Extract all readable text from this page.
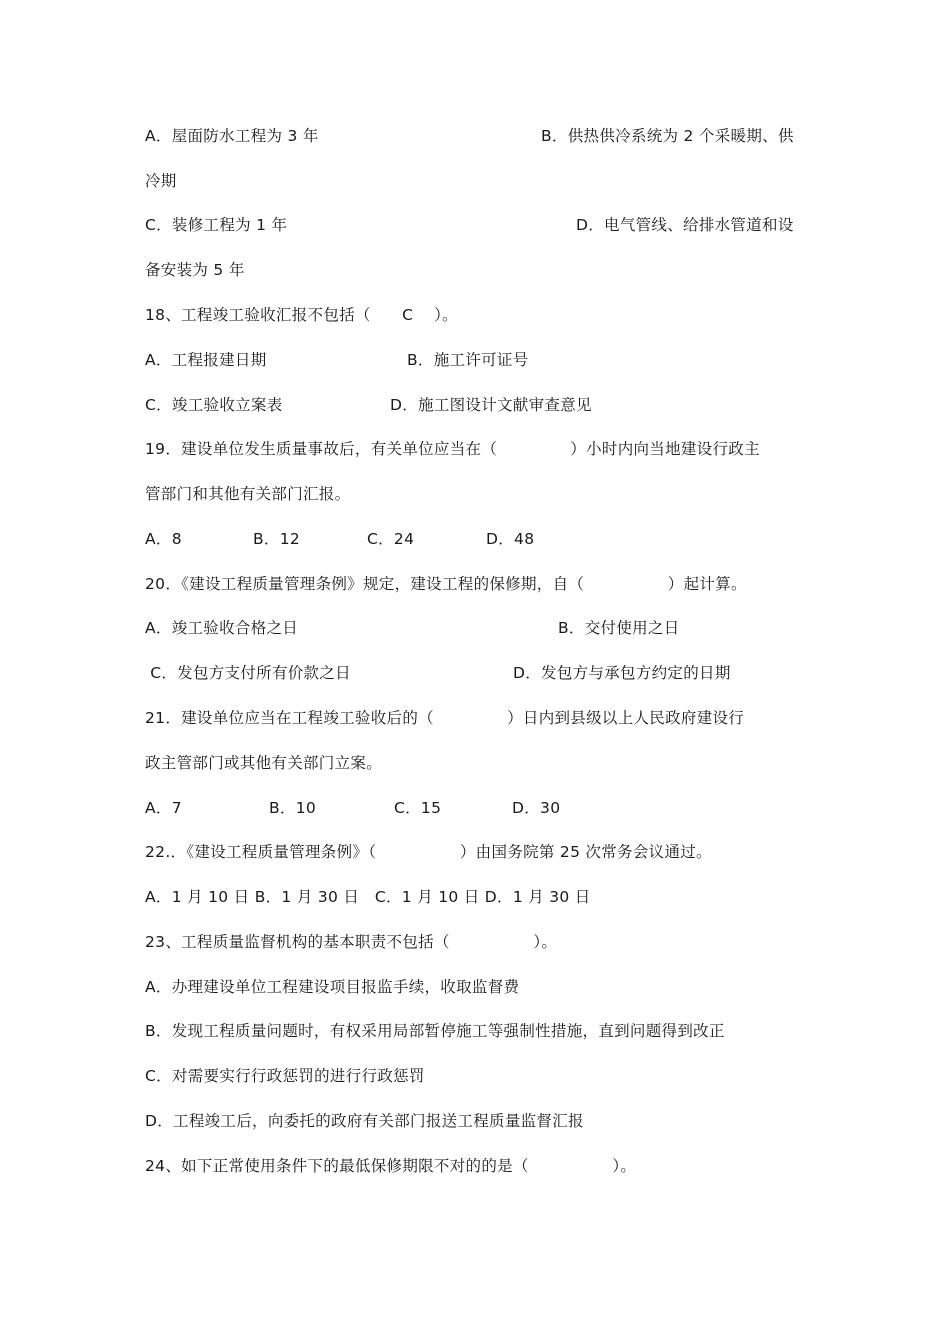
A．屋面防水工程为 3 年	B．供热供冷系统为 2 个采暖期、供
冷期
C．装修工程为 1 年	D．电气管线、给排水管道和设
备安装为 5 年
18、工程竣工验收汇报不包括（      C    ）。
A．工程报建日期	B．施工许可证号
C．竣工验收立案表	D．施工图设计文献审查意见
19．建设单位发生质量事故后，有关单位应当在（              ）小时内向当地建设行政主
管部门和其他有关部门汇报。
A．8	B．12	C．24	D．48
20．《建设工程质量管理条例》规定，建设工程的保修期，自（                ）起计算。
A．竣工验收合格之日	B．交付使用之日
C．发包方支付所有价款之日	D．发包方与承包方约定的日期
21．建设单位应当在工程竣工验收后的（              ）日内到县级以上人民政府建设行
政主管部门或其他有关部门立案。
A．7	B．10	C．15	D．30
22.．《建设工程质量管理条例》（                ）由国务院第 25 次常务会议通过。
A．1 月 10 日 B．1 月 30 日   C．1 月 10 日 D．1 月 30 日
23、工程质量监督机构的基本职责不包括（                ）。
A．办理建设单位工程建设项目报监手续，收取监督费
B．发现工程质量问题时，有权采用局部暂停施工等强制性措施，直到问题得到改正
C．对需要实行行政惩罚的进行行政惩罚
D．工程竣工后，向委托的政府有关部门报送工程质量监督汇报
24、如下正常使用条件下的最低保修期限不对的的是（                ）。
